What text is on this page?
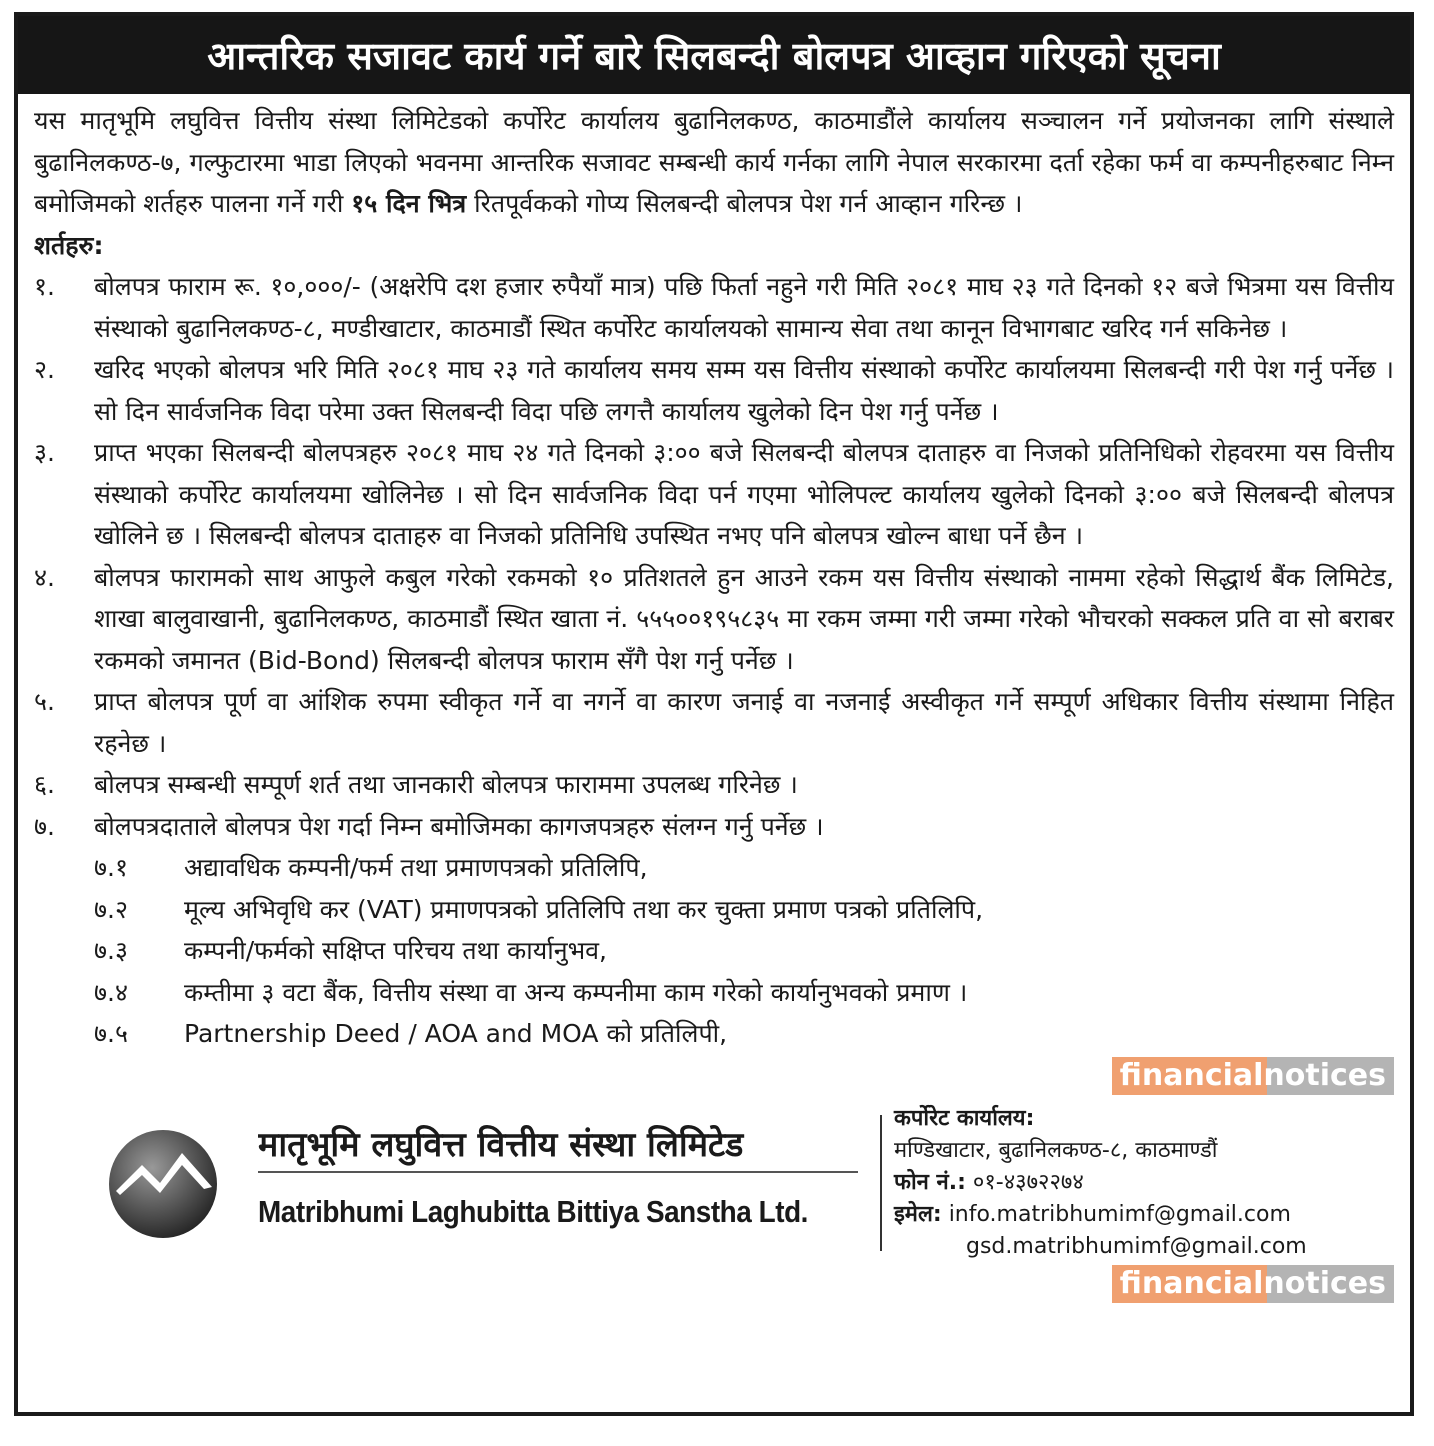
आन्तरिक सजावट कार्य गर्ने बारे सिलबन्दी बोलपत्र आव्हान गरिएको सूचना

यस मातृभूमि लघुवित्त वित्तीय संस्था लिमिटेडको कर्पोरेट कार्यालय बुढानिलकण्ठ, काठमाडौंले कार्यालय सञ्चालन गर्ने प्रयोजनका लागि संस्थाले बुढानिलकण्ठ-७, गल्फुटारमा भाडा लिएको भवनमा आन्तरिक सजावट सम्बन्धी कार्य गर्नका लागि नेपाल सरकारमा दर्ता रहेका फर्म वा कम्पनीहरुबाट निम्न बमोजिमको शर्तहरु पालना गर्ने गरी १५ दिन भित्र रितपूर्वकको गोप्य सिलबन्दी बोलपत्र पेश गर्न आव्हान गरिन्छ ।

शर्तहरु:

१.	बोलपत्र फाराम रू. १०,०००/- (अक्षरेपि दश हजार रुपैयाँ मात्र) पछि फिर्ता नहुने गरी मिति २०८१ माघ २३ गते दिनको १२ बजे भित्रमा यस वित्तीय संस्थाको बुढानिलकण्ठ-८, मण्डीखाटार, काठमाडौं स्थित कर्पोरेट कार्यालयको सामान्य सेवा तथा कानून विभागबाट खरिद गर्न सकिनेछ ।
२.	खरिद भएको बोलपत्र भरि मिति २०८१ माघ २३ गते कार्यालय समय सम्म यस वित्तीय संस्थाको कर्पोरेट कार्यालयमा सिलबन्दी गरी पेश गर्नु पर्नेछ । सो दिन सार्वजनिक विदा परेमा उक्त सिलबन्दी विदा पछि लगत्तै कार्यालय खुलेको दिन पेश गर्नु पर्नेछ ।
३.	प्राप्त भएका सिलबन्दी बोलपत्रहरु २०८१ माघ २४ गते दिनको ३:०० बजे सिलबन्दी बोलपत्र दाताहरु वा निजको प्रतिनिधिको रोहवरमा यस वित्तीय संस्थाको कर्पोरेट कार्यालयमा खोलिनेछ । सो दिन सार्वजनिक विदा पर्न गएमा भोलिपल्ट कार्यालय खुलेको दिनको ३:०० बजे सिलबन्दी बोलपत्र खोलिने छ । सिलबन्दी बोलपत्र दाताहरु वा निजको प्रतिनिधि उपस्थित नभए पनि बोलपत्र खोल्न बाधा पर्ने छैन ।
४.	बोलपत्र फारामको साथ आफुले कबुल गरेको रकमको १० प्रतिशतले हुन आउने रकम यस वित्तीय संस्थाको नाममा रहेको सिद्धार्थ बैंक लिमिटेड, शाखा बालुवाखानी, बुढानिलकण्ठ, काठमाडौं स्थित खाता नं. ५५५००१९५८३५ मा रकम जम्मा गरी जम्मा गरेको भौचरको सक्कल प्रति वा सो बराबर रकमको जमानत (Bid-Bond) सिलबन्दी बोलपत्र फाराम सँगै पेश गर्नु पर्नेछ ।
५.	प्राप्त बोलपत्र पूर्ण वा आंशिक रुपमा स्वीकृत गर्ने वा नगर्ने वा कारण जनाई वा नजनाई अस्वीकृत गर्ने सम्पूर्ण अधिकार वित्तीय संस्थामा निहित रहनेछ ।
६.	बोलपत्र सम्बन्धी सम्पूर्ण शर्त तथा जानकारी बोलपत्र फाराममा उपलब्ध गरिनेछ ।
७.	बोलपत्रदाताले बोलपत्र पेश गर्दा निम्न बमोजिमका कागजपत्रहरु संलग्न गर्नु पर्नेछ ।
७.१	अद्यावधिक कम्पनी/फर्म तथा प्रमाणपत्रको प्रतिलिपि,
७.२	मूल्य अभिवृधि कर (VAT) प्रमाणपत्रको प्रतिलिपि तथा कर चुक्ता प्रमाण पत्रको प्रतिलिपि,
७.३	कम्पनी/फर्मको सक्षिप्त परिचय तथा कार्यानुभव,
७.४	कम्तीमा ३ वटा बैंक, वित्तीय संस्था वा अन्य कम्पनीमा काम गरेको कार्यानुभवको प्रमाण ।
७.५	Partnership Deed / AOA and MOA को प्रतिलिपी,
financialnotices
मातृभूमि लघुवित्त वित्तीय संस्था लिमिटेड
Matribhumi Laghubitta Bittiya Sanstha Ltd.
कर्पोरेट कार्यालय:
मण्डिखाटार, बुढानिलकण्ठ-८, काठमाण्डौं
फोन नं.: ०१-४३७२२७४
इमेल: info.matribhumimf@gmail.com
gsd.matribhumimf@gmail.com
financialnotices
